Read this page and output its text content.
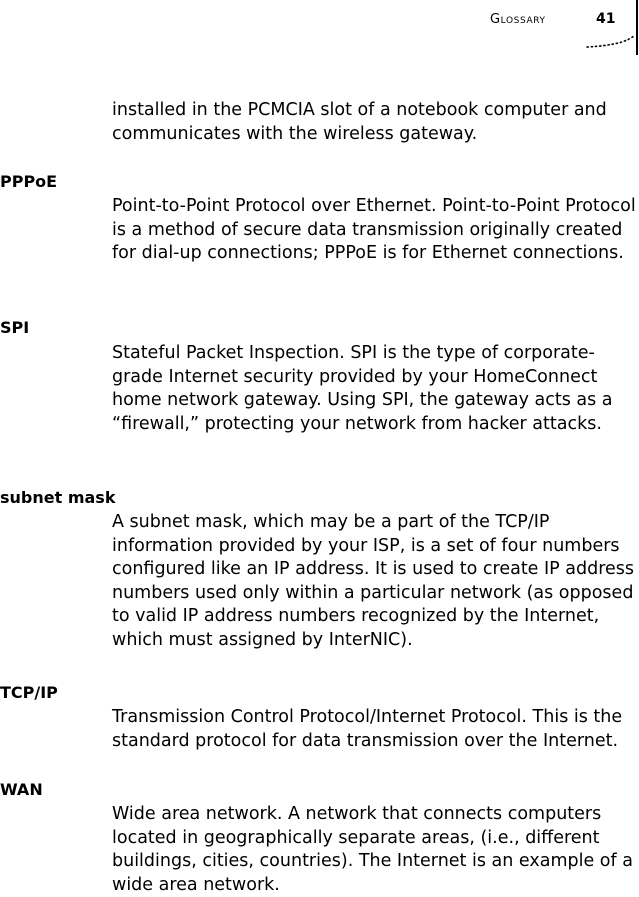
Glossary	41

installed in the PCMCIA slot of a notebook computer and communicates with the wireless gateway.

PPPoE

Point-to-Point Protocol over Ethernet. Point-to-Point Protocol is a method of secure data transmission originally created for dial-up connections; PPPoE is for Ethernet connections.

SPI

Stateful Packet Inspection. SPI is the type of corporate-grade Internet security provided by your HomeConnect home network gateway. Using SPI, the gateway acts as a “firewall,” protecting your network from hacker attacks.

subnet mask

A subnet mask, which may be a part of the TCP/IP information provided by your ISP, is a set of four numbers configured like an IP address. It is used to create IP address numbers used only within a particular network (as opposed to valid IP address numbers recognized by the Internet, which must assigned by InterNIC).

TCP/IP

Transmission Control Protocol/Internet Protocol. This is the standard protocol for data transmission over the Internet.

WAN

Wide area network. A network that connects computers located in geographically separate areas, (i.e., different buildings, cities, countries). The Internet is an example of a wide area network.
